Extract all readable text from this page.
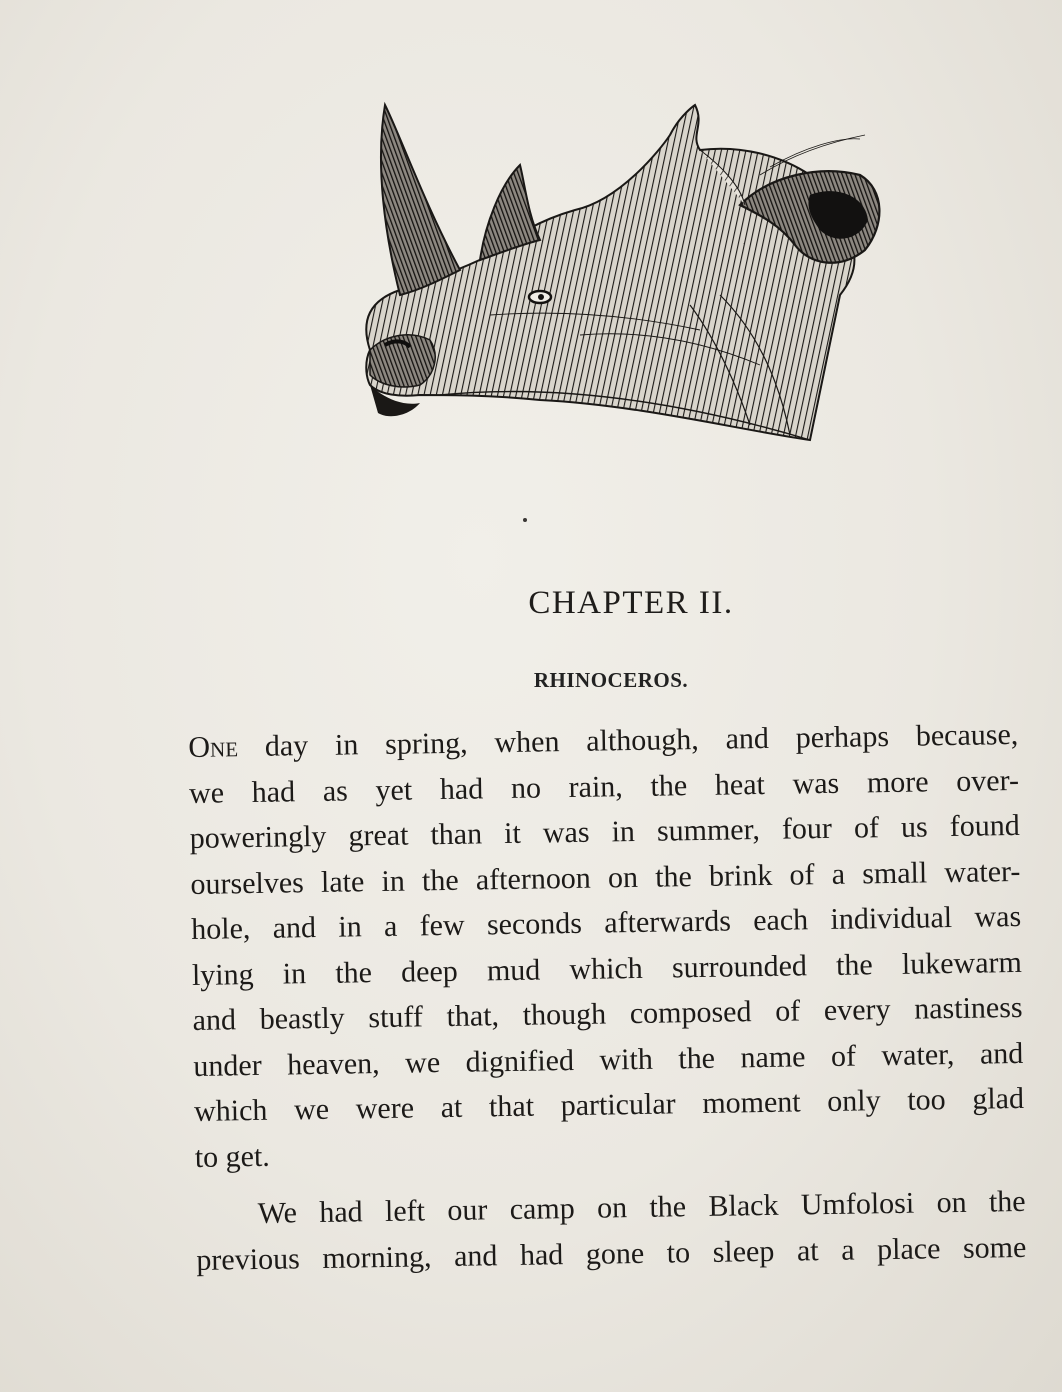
CHAPTER II.
RHINOCEROS.
One day in spring, when although, and perhaps because,
we had as yet had no rain, the heat was more over-
poweringly great than it was in summer, four of us found
ourselves late in the afternoon on the brink of a small water-
hole, and in a few seconds afterwards each individual was
lying in the deep mud which surrounded the lukewarm
and beastly stuff that, though composed of every nastiness
under heaven, we dignified with the name of water, and
which we were at that particular moment only too glad
to get.
We had left our camp on the Black Umfolosi on the
previous morning, and had gone to sleep at a place some
